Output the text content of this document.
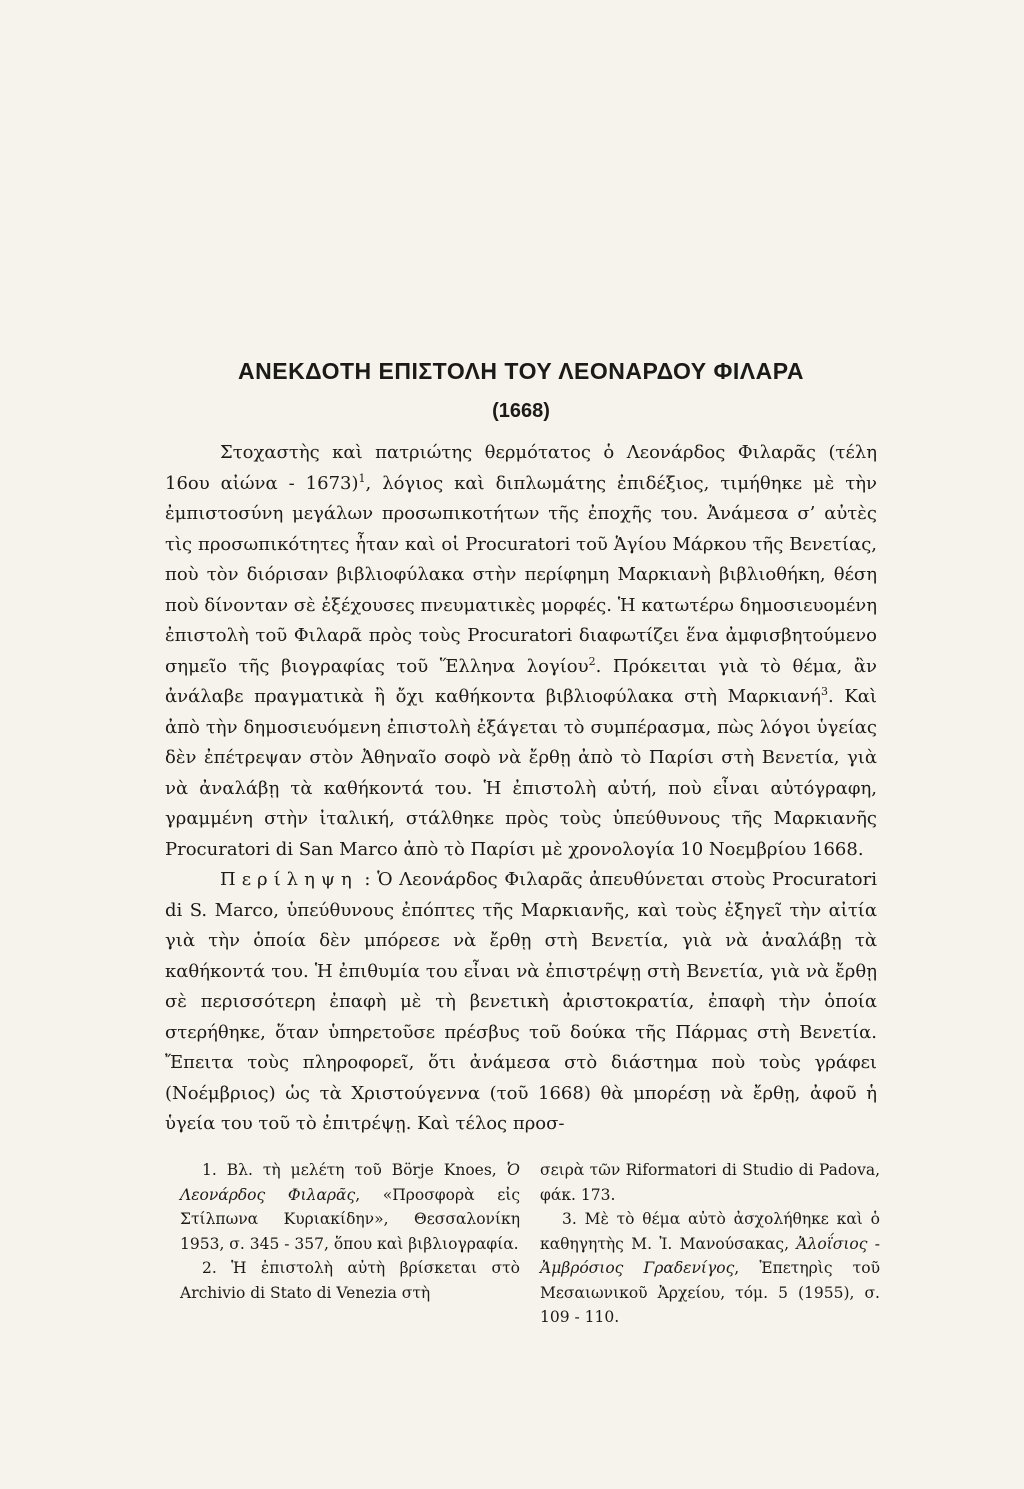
ΑΝΕΚΔΟΤΗ ΕΠΙΣΤΟΛΗ ΤΟΥ ΛΕΟΝΑΡΔΟΥ ΦΙΛΑΡΑ
(1668)

Στοχαστὴς καὶ πατριώτης θερμότατος ὁ Λεονάρδος Φιλαρᾶς (τέλη 16ου αἰώνα - 1673)$^1$, λόγιος καὶ διπλωμάτης ἐπιδέξιος, τιμήθηκε μὲ τὴν ἐμπιστοσύνη μεγάλων προσωπικοτήτων τῆς ἐποχῆς του. Ἀνάμεσα σ’ αὐτὲς τὶς προσωπικότητες ἦταν καὶ οἱ Procuratori τοῦ Ἁγίου Μάρκου τῆς Βενετίας, ποὺ τὸν διόρισαν βιβλιοφύλακα στὴν περίφημη Μαρκιανὴ βιβλιοθήκη, θέση ποὺ δίνονταν σὲ ἐξέχουσες πνευματικὲς μορφές. Ἡ κατωτέρω δημοσιευομένη ἐπιστολὴ τοῦ Φιλαρᾶ πρὸς τοὺς Procuratori διαφωτίζει ἕνα ἀμφισβητούμενο σημεῖο τῆς βιογραφίας τοῦ Ἕλληνα λογίου$^2$. Πρόκειται γιὰ τὸ θέμα, ἂν ἀνάλαβε πραγματικὰ ἢ ὄχι καθήκοντα βιβλιοφύλακα στὴ Μαρκιανή$^3$. Καὶ ἀπὸ τὴν δημοσιευόμενη ἐπιστολὴ ἐξάγεται τὸ συμπέρασμα, πὼς λόγοι ὑγείας δὲν ἐπέτρεψαν στὸν Ἀθηναῖο σοφὸ νὰ ἔρθῃ ἀπὸ τὸ Παρίσι στὴ Βενετία, γιὰ νὰ ἀναλάβῃ τὰ καθήκοντά του. Ἡ ἐπιστολὴ αὐτή, ποὺ εἶναι αὐτόγραφη, γραμμένη στὴν ἰταλική, στάλθηκε πρὸς τοὺς ὑπεύθυνους τῆς Μαρκιανῆς Procuratori di San Marco ἀπὸ τὸ Παρίσι μὲ χρονολογία 10 Νοεμβρίου 1668.

Περίληψη : Ὁ Λεονάρδος Φιλαρᾶς ἀπευθύνεται στοὺς Procuratori di S. Marco, ὑπεύθυνους ἐπόπτες τῆς Μαρκιανῆς, καὶ τοὺς ἐξηγεῖ τὴν αἰτία γιὰ τὴν ὁποία δὲν μπόρεσε νὰ ἔρθῃ στὴ Βενετία, γιὰ νὰ ἀναλάβῃ τὰ καθήκοντά του. Ἡ ἐπιθυμία του εἶναι νὰ ἐπιστρέψῃ στὴ Βενετία, γιὰ νὰ ἔρθῃ σὲ περισσότερη ἐπαφὴ μὲ τὴ βενετικὴ ἀριστοκρατία, ἐπαφὴ τὴν ὁποία στερήθηκε, ὅταν ὑπηρετοῦσε πρέσβυς τοῦ δούκα τῆς Πάρμας στὴ Βενετία. Ἔπειτα τοὺς πληροφορεῖ, ὅτι ἀνάμεσα στὸ διάστημα ποὺ τοὺς γράφει (Νοέμβριος) ὡς τὰ Χριστούγεννα (τοῦ 1668) θὰ μπορέσῃ νὰ ἔρθῃ, ἀφοῦ ἡ ὑγεία του τοῦ τὸ ἐπιτρέψῃ. Καὶ τέλος προσ-

1. Βλ. τὴ μελέτη τοῦ Börje Knoes, Ὁ Λεονάρδος Φιλαρᾶς, «Προσφορὰ εἰς Στίλπωνα Κυριακίδην», Θεσσαλονίκη 1953, σ. 345 - 357, ὅπου καὶ βιβλιογραφία.

2. Ἡ ἐπιστολὴ αὐτὴ βρίσκεται στὸ Archivio di Stato di Venezia στὴ

σειρὰ τῶν Riformatori di Studio di Padova, φάκ. 173.

3. Μὲ τὸ θέμα αὐτὸ ἀσχολήθηκε καὶ ὁ καθηγητὴς Μ. Ἰ. Μανούσακας, Ἀλοΐσιος - Ἀμβρόσιος Γραδενίγος, Ἐπετηρὶς τοῦ Μεσαιωνικοῦ Ἀρχείου, τόμ. 5 (1955), σ. 109 - 110.
